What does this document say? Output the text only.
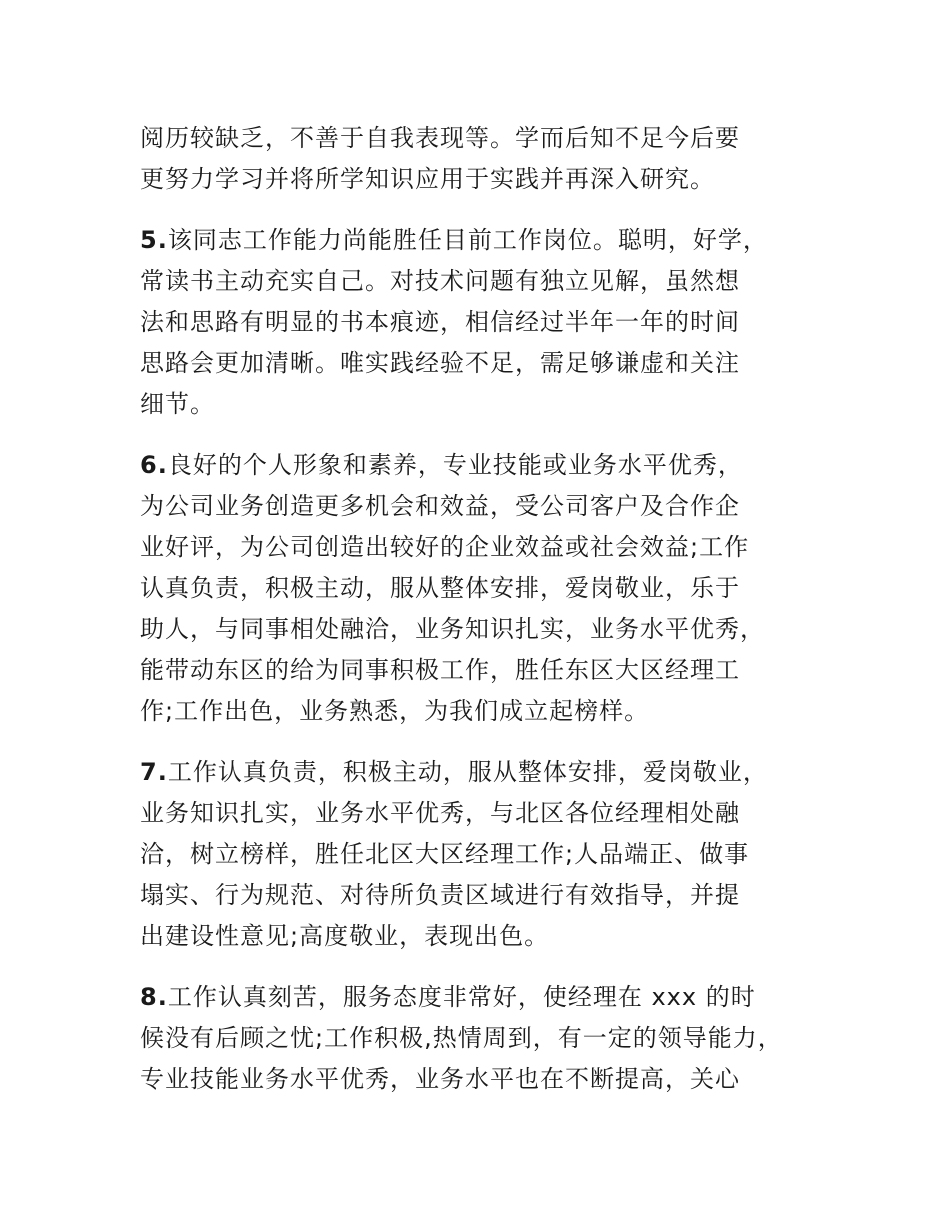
阅历较缺乏，不善于自我表现等。学而后知不足今后要
更努力学习并将所学知识应用于实践并再深入研究。

5.该同志工作能力尚能胜任目前工作岗位。聪明，好学，
常读书主动充实自己。对技术问题有独立见解，虽然想
法和思路有明显的书本痕迹，相信经过半年一年的时间
思路会更加清晰。唯实践经验不足，需足够谦虚和关注
细节。

6.良好的个人形象和素养，专业技能或业务水平优秀，
为公司业务创造更多机会和效益，受公司客户及合作企
业好评，为公司创造出较好的企业效益或社会效益;工作
认真负责，积极主动，服从整体安排，爱岗敬业，乐于
助人，与同事相处融洽，业务知识扎实，业务水平优秀，
能带动东区的给为同事积极工作，胜任东区大区经理工
作;工作出色，业务熟悉，为我们成立起榜样。

7.工作认真负责，积极主动，服从整体安排，爱岗敬业，
业务知识扎实，业务水平优秀，与北区各位经理相处融
洽，树立榜样，胜任北区大区经理工作;人品端正、做事
塌实、行为规范、对待所负责区域进行有效指导，并提
出建设性意见;高度敬业，表现出色。

8.工作认真刻苦，服务态度非常好，使经理在 xxx 的时
候没有后顾之忧;工作积极,热情周到，有一定的领导能力，
专业技能业务水平优秀，业务水平也在不断提高，关心
